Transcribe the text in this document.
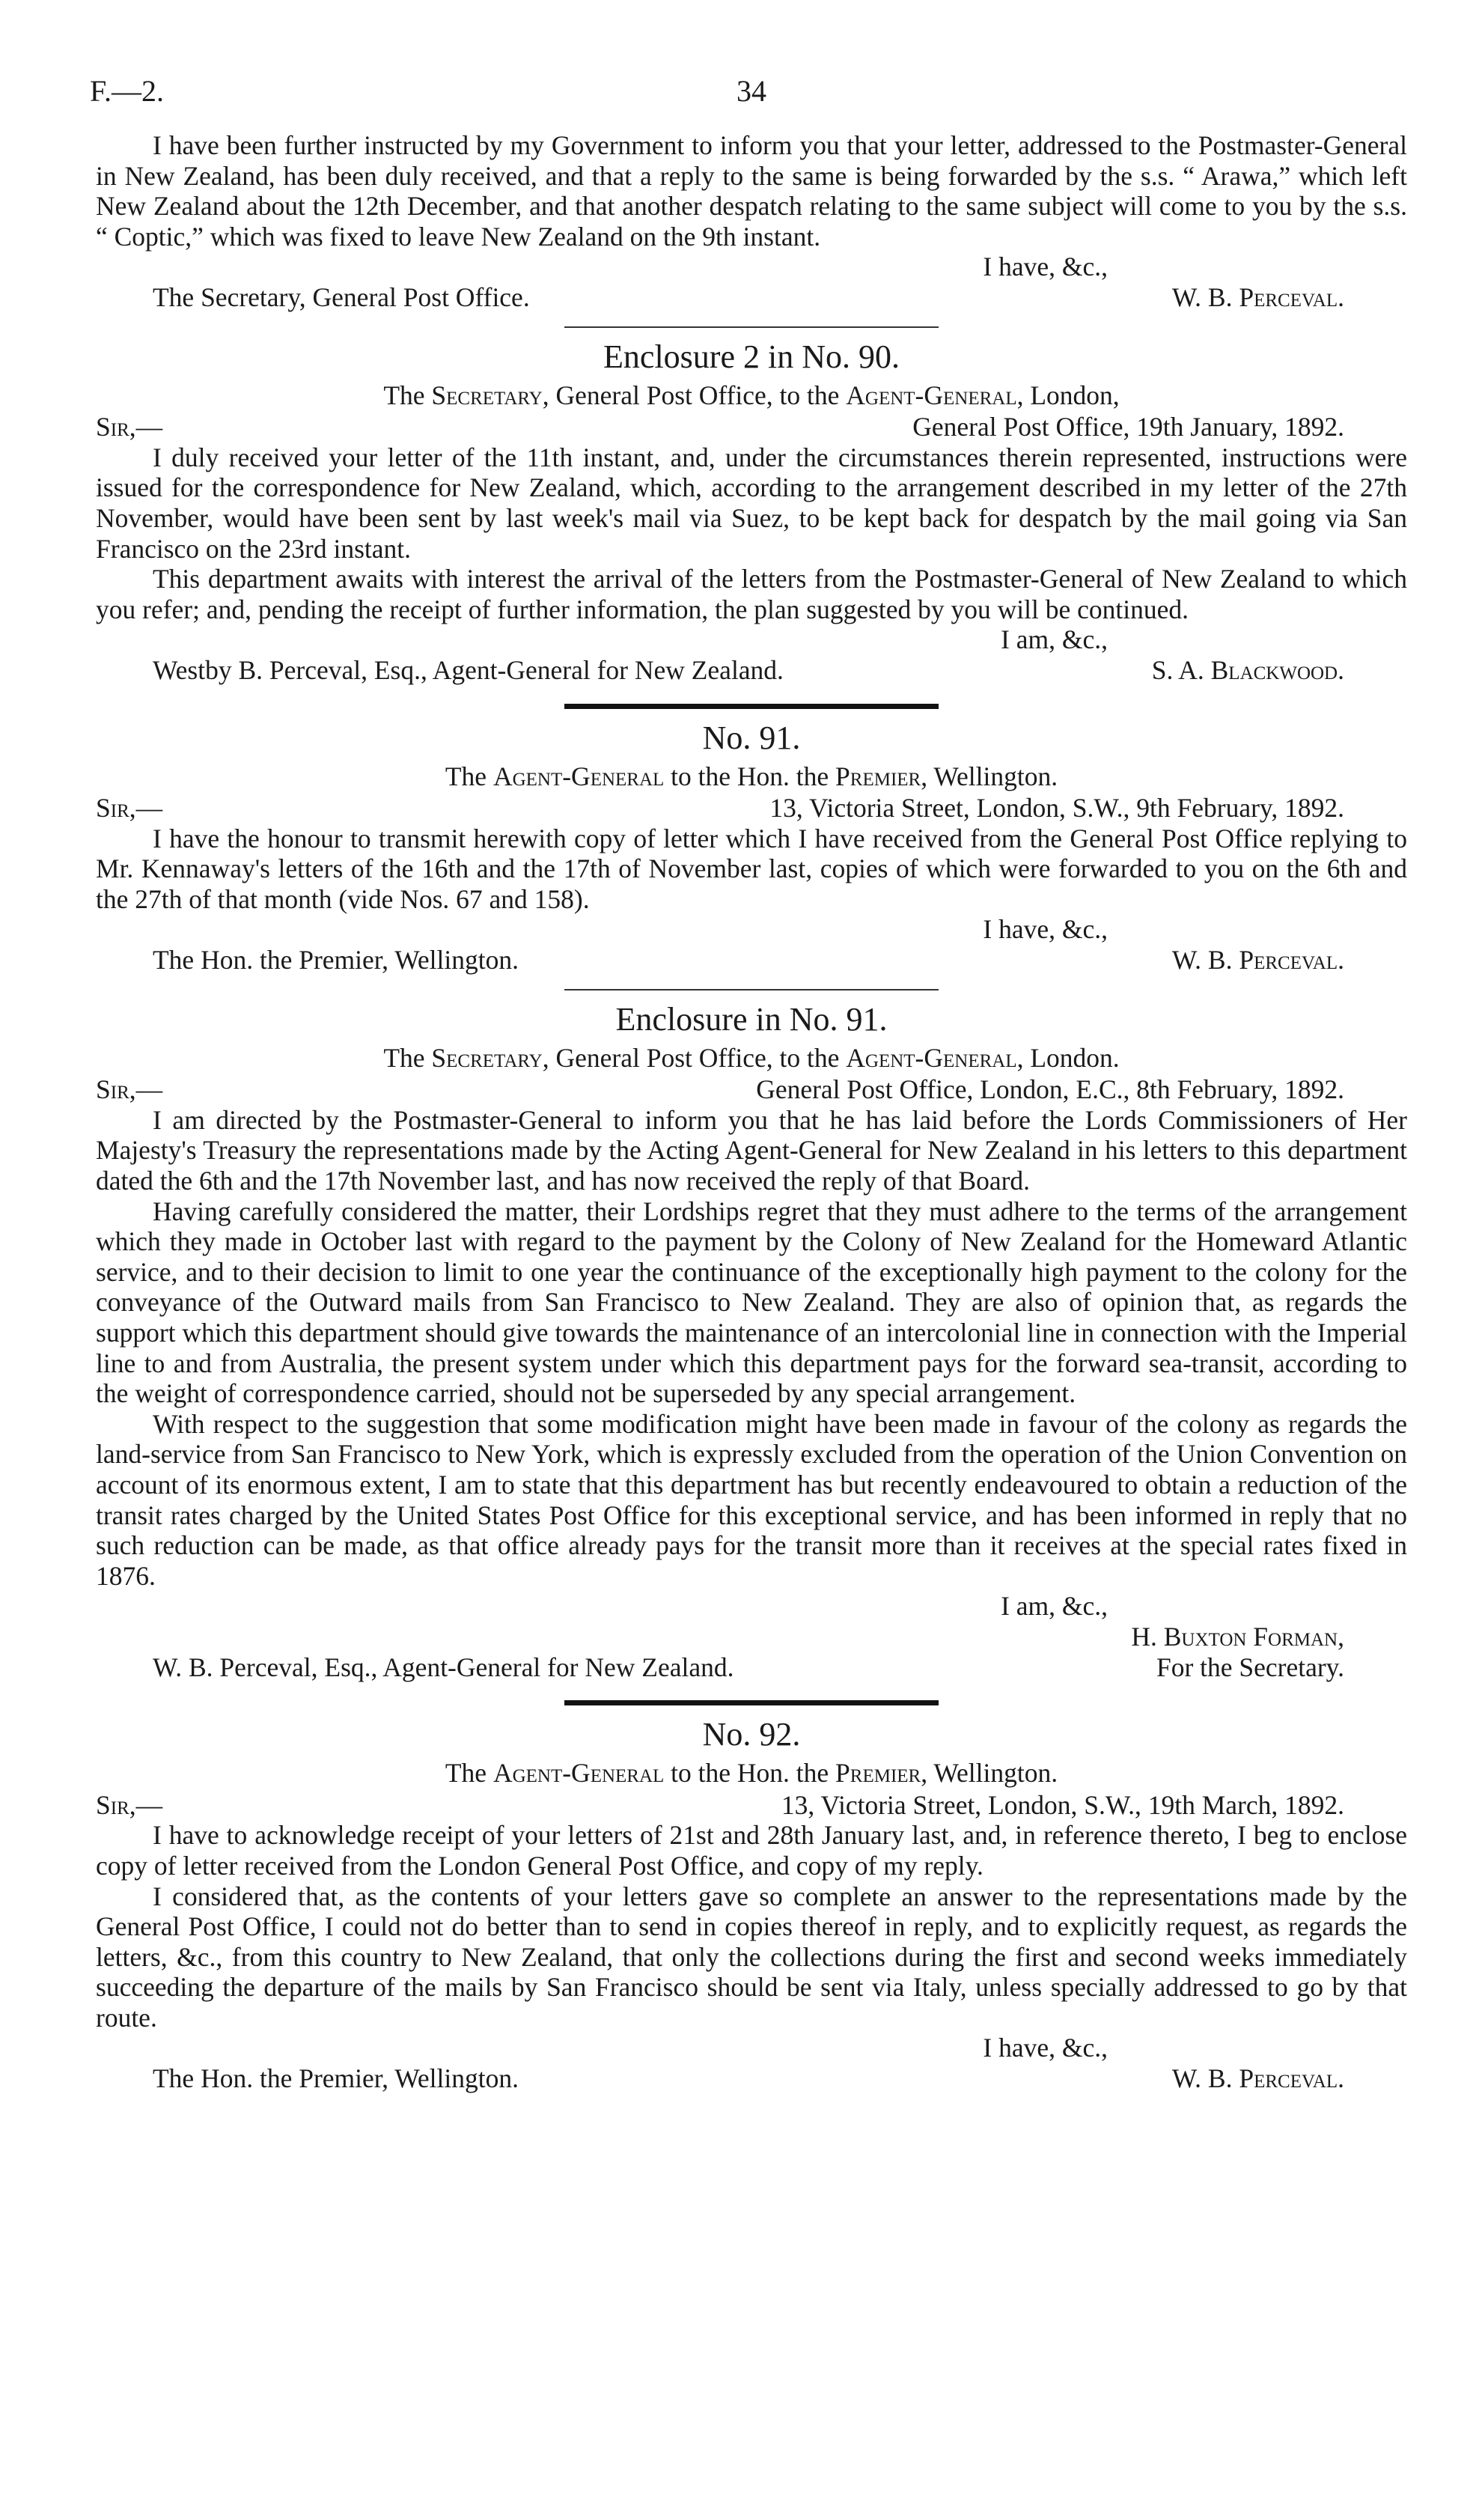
F.—2.	34

I have been further instructed by my Government to inform you that your letter, addressed to the Postmaster-General in New Zealand, has been duly received, and that a reply to the same is being forwarded by the s.s. “ Arawa,” which left New Zealand about the 12th December, and that another despatch relating to the same subject will come to you by the s.s. “ Coptic,” which was fixed to leave New Zealand on the 9th instant.

I have, &c.,
The Secretary, General Post Office.	W. B. Perceval.
Enclosure 2 in No. 90.
The Secretary, General Post Office, to the Agent-General, London,
Sir,—	General Post Office, 19th January, 1892.

I duly received your letter of the 11th instant, and, under the circumstances therein represented, instructions were issued for the correspondence for New Zealand, which, according to the arrangement described in my letter of the 27th November, would have been sent by last week's mail via Suez, to be kept back for despatch by the mail going via San Francisco on the 23rd instant.

This department awaits with interest the arrival of the letters from the Postmaster-General of New Zealand to which you refer; and, pending the receipt of further information, the plan suggested by you will be continued.

I am, &c.,
Westby B. Perceval, Esq., Agent-General for New Zealand.	S. A. Blackwood.
No. 91.
The Agent-General to the Hon. the Premier, Wellington.
Sir,—	13, Victoria Street, London, S.W., 9th February, 1892.

I have the honour to transmit herewith copy of letter which I have received from the General Post Office replying to Mr. Kennaway's letters of the 16th and the 17th of November last, copies of which were forwarded to you on the 6th and the 27th of that month (vide Nos. 67 and 158).

I have, &c.,
The Hon. the Premier, Wellington.	W. B. Perceval.
Enclosure in No. 91.
The Secretary, General Post Office, to the Agent-General, London.
Sir,—	General Post Office, London, E.C., 8th February, 1892.

I am directed by the Postmaster-General to inform you that he has laid before the Lords Commissioners of Her Majesty's Treasury the representations made by the Acting Agent-General for New Zealand in his letters to this department dated the 6th and the 17th November last, and has now received the reply of that Board.

Having carefully considered the matter, their Lordships regret that they must adhere to the terms of the arrangement which they made in October last with regard to the payment by the Colony of New Zealand for the Homeward Atlantic service, and to their decision to limit to one year the continuance of the exceptionally high payment to the colony for the conveyance of the Outward mails from San Francisco to New Zealand. They are also of opinion that, as regards the support which this department should give towards the maintenance of an intercolonial line in connection with the Imperial line to and from Australia, the present system under which this department pays for the forward sea-transit, according to the weight of correspondence carried, should not be superseded by any special arrangement.

With respect to the suggestion that some modification might have been made in favour of the colony as regards the land-service from San Francisco to New York, which is expressly excluded from the operation of the Union Convention on account of its enormous extent, I am to state that this department has but recently endeavoured to obtain a reduction of the transit rates charged by the United States Post Office for this exceptional service, and has been informed in reply that no such reduction can be made, as that office already pays for the transit more than it receives at the special rates fixed in 1876.

I am, &c.,
H. Buxton Forman,
W. B. Perceval, Esq., Agent-General for New Zealand.	For the Secretary.
No. 92.
The Agent-General to the Hon. the Premier, Wellington.
Sir,—	13, Victoria Street, London, S.W., 19th March, 1892.

I have to acknowledge receipt of your letters of 21st and 28th January last, and, in reference thereto, I beg to enclose copy of letter received from the London General Post Office, and copy of my reply.

I considered that, as the contents of your letters gave so complete an answer to the representations made by the General Post Office, I could not do better than to send in copies thereof in reply, and to explicitly request, as regards the letters, &c., from this country to New Zealand, that only the collections during the first and second weeks immediately succeeding the departure of the mails by San Francisco should be sent via Italy, unless specially addressed to go by that route.

I have, &c.,
The Hon. the Premier, Wellington.	W. B. Perceval.
